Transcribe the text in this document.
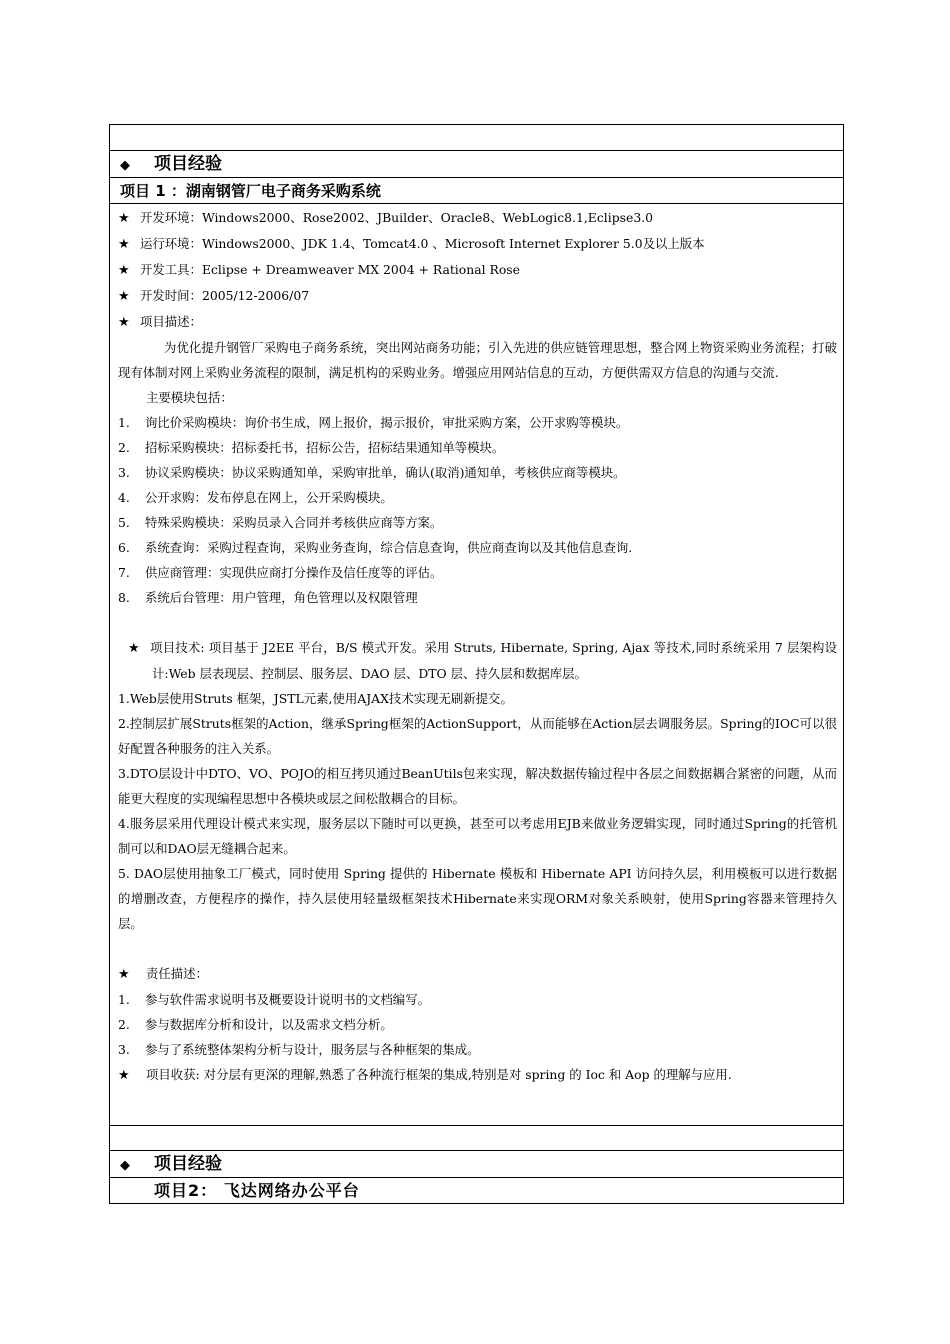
◆ 项目经验
项目 1 ：湖南钢管厂电子商务采购系统
★ 开发环境：Windows2000、Rose2002、JBuilder、Oracle8、WebLogic8.1,Eclipse3.0
★ 运行环境：Windows2000、JDK 1.4、Tomcat4.0 、Microsoft Internet Explorer 5.0及以上版本
★ 开发工具：Eclipse + Dreamweaver MX 2004 + Rational Rose
★ 开发时间：2005/12-2006/07
★ 项目描述：
为优化提升钢管厂采购电子商务系统，突出网站商务功能；引入先进的供应链管理思想，整合网上物资采购业务流程；打破现有体制对网上采购业务流程的限制，满足机构的采购业务。增强应用网站信息的互动，方便供需双方信息的沟通与交流.
主要模块包括：
1. 询比价采购模块：询价书生成，网上报价，揭示报价，审批采购方案，公开求购等模块。
2. 招标采购模块：招标委托书，招标公告，招标结果通知单等模块。
3. 协议采购模块：协议采购通知单，采购审批单，确认(取消)通知单，考核供应商等模块。
4. 公开求购：发布停息在网上，公开采购模块。
5. 特殊采购模块：采购员录入合同并考核供应商等方案。
6. 系统查询：采购过程查询，采购业务查询，综合信息查询，供应商查询以及其他信息查询.
7. 供应商管理：实现供应商打分操作及信任度等的评估。
8. 系统后台管理：用户管理，角色管理以及权限管理
★ 项目技术: 项目基于 J2EE 平台，B/S 模式开发。采用 Struts, Hibernate, Spring, Ajax 等技术,同时系统采用 7 层架构设计:Web 层表现层、控制层、服务层、DAO 层、DTO 层、持久层和数据库层。
1.Web层使用Struts 框架，JSTL元素,使用AJAX技术实现无刷新提交。
2.控制层扩展Struts框架的Action，继承Spring框架的ActionSupport，从而能够在Action层去调服务层。Spring的IOC可以很好配置各种服务的注入关系。
3.DTO层设计中DTO、VO、POJO的相互拷贝通过BeanUtils包来实现，解决数据传输过程中各层之间数据耦合紧密的问题，从而能更大程度的实现编程思想中各模块或层之间松散耦合的目标。
4.服务层采用代理设计模式来实现，服务层以下随时可以更换，甚至可以考虑用EJB来做业务逻辑实现，同时通过Spring的托管机制可以和DAO层无缝耦合起来。
5. DAO层使用抽象工厂模式，同时使用 Spring 提供的 Hibernate 模板和 Hibernate API 访问持久层，利用模板可以进行数据的增删改查，方便程序的操作，持久层使用轻量级框架技术Hibernate来实现ORM对象关系映射，使用Spring容器来管理持久层。
★ 责任描述：
1. 参与软件需求说明书及概要设计说明书的文档编写。
2. 参与数据库分析和设计，以及需求文档分析。
3. 参与了系统整体架构分析与设计，服务层与各种框架的集成。
★ 项目收获: 对分层有更深的理解,熟悉了各种流行框架的集成,特别是对 spring 的 Ioc 和 Aop 的理解与应用.
◆ 项目经验
项目2： 飞达网络办公平台
